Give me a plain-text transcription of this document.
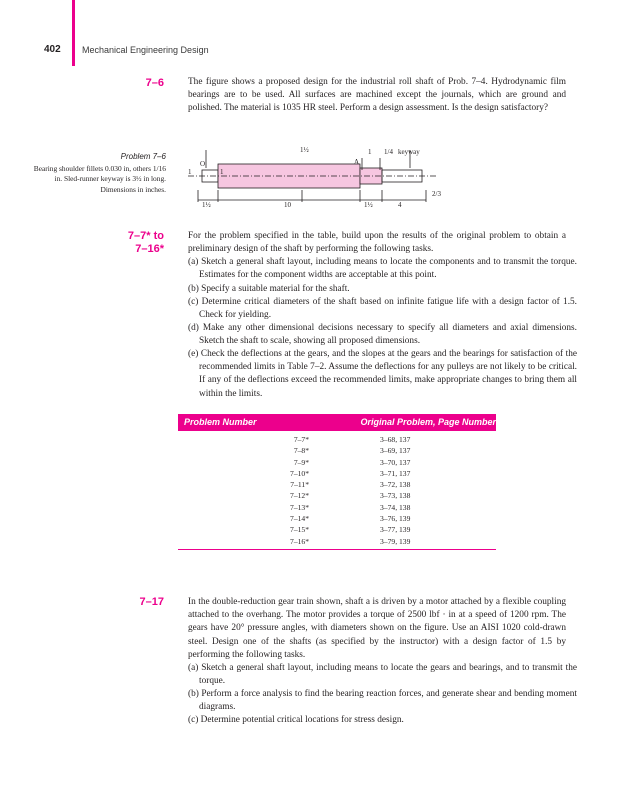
402 Mechanical Engineering Design
7–6	The figure shows a proposed design for the industrial roll shaft of Prob. 7–4. Hydrodynamic film bearings are to be used. All surfaces are machined except the journals, which are ground and polished. The material is 1035 HR steel. Perform a design assessment. Is the design satisfactory?

Problem 7–6
Bearing shoulder fillets 0.030 in, others 1/16 in. Sled-runner keyway is 3½ in long. Dimensions in inches.
O	A
1	1
1 1/4 keyway
1½
2/3
1½	10	1½	4
7–7* to
7–16*

For the problem specified in the table, build upon the results of the original problem to obtain a preliminary design of the shaft by performing the following tasks.

(a) Sketch a general shaft layout, including means to locate the components and to transmit the torque. Estimates for the component widths are acceptable at this point.

(b) Specify a suitable material for the shaft.

(c) Determine critical diameters of the shaft based on infinite fatigue life with a design factor of 1.5. Check for yielding.

(d) Make any other dimensional decisions necessary to specify all diameters and axial dimensions. Sketch the shaft to scale, showing all proposed dimensions.

(e) Check the deflections at the gears, and the slopes at the gears and the bearings for satisfaction of the recommended limits in Table 7–2. Assume the deflections for any pulleys are not likely to be critical. If any of the deflections exceed the recommended limits, make appropriate changes to bring them all within the limits.

Problem Number	Original Problem, Page Number
7–7*	3–68, 137
7–8*	3–69, 137
7–9*	3–70, 137
7–10*	3–71, 137
7–11*	3–72, 138
7–12*	3–73, 138
7–13*	3–74, 138
7–14*	3–76, 139
7–15*	3–77, 139
7–16*	3–79, 139
7–17	In the double-reduction gear train shown, shaft a is driven by a motor attached by a flexible coupling attached to the overhang. The motor provides a torque of 2500 lbf · in at a speed of 1200 rpm. The gears have 20° pressure angles, with diameters shown on the figure. Use an AISI 1020 cold-drawn steel. Design one of the shafts (as specified by the instructor) with a design factor of 1.5 by performing the following tasks.

(a) Sketch a general shaft layout, including means to locate the gears and bearings, and to transmit the torque.

(b) Perform a force analysis to find the bearing reaction forces, and generate shear and bending moment diagrams.

(c) Determine potential critical locations for stress design.
